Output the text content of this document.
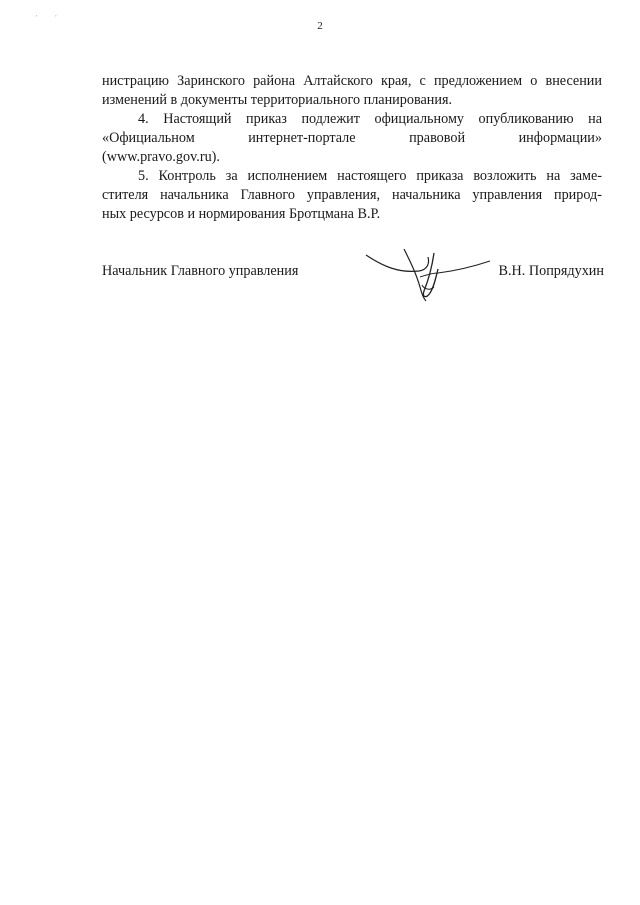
'	'
2
нистрацию Заринского района Алтайского края, с предложением о внесении
изменений в документы территориального планирования.
4. Настоящий приказ подлежит официальному опубликованию на
«Официальном интернет-портале правовой информации»
(www.pravo.gov.ru).
5. Контроль за исполнением настоящего приказа возложить на заме-
стителя начальника Главного управления, начальника управления природ-
ных ресурсов и нормирования Бротцмана В.Р.
Начальник Главного управления	В.Н. Попрядухин
